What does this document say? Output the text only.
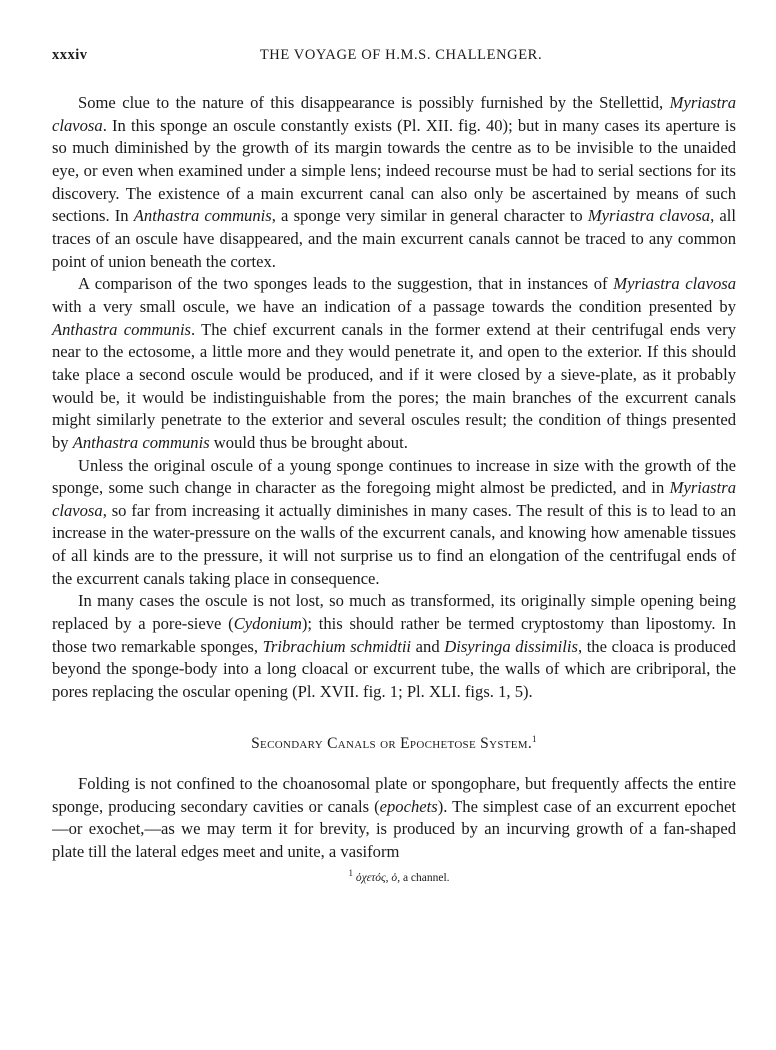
xxxiv	THE VOYAGE OF H.M.S. CHALLENGER.

Some clue to the nature of this disappearance is possibly furnished by the Stellettid, Myriastra clavosa. In this sponge an oscule constantly exists (Pl. XII. fig. 40); but in many cases its aperture is so much diminished by the growth of its margin towards the centre as to be invisible to the unaided eye, or even when examined under a simple lens; indeed recourse must be had to serial sections for its discovery. The existence of a main excurrent canal can also only be ascertained by means of such sections. In Anthastra communis, a sponge very similar in general character to Myriastra clavosa, all traces of an oscule have disappeared, and the main excurrent canals cannot be traced to any common point of union beneath the cortex.

A comparison of the two sponges leads to the suggestion, that in instances of Myriastra clavosa with a very small oscule, we have an indication of a passage towards the condition presented by Anthastra communis. The chief excurrent canals in the former extend at their centrifugal ends very near to the ectosome, a little more and they would penetrate it, and open to the exterior. If this should take place a second oscule would be produced, and if it were closed by a sieve-plate, as it probably would be, it would be indistinguishable from the pores; the main branches of the excurrent canals might similarly penetrate to the exterior and several oscules result; the condition of things presented by Anthastra communis would thus be brought about.

Unless the original oscule of a young sponge continues to increase in size with the growth of the sponge, some such change in character as the foregoing might almost be predicted, and in Myriastra clavosa, so far from increasing it actually diminishes in many cases. The result of this is to lead to an increase in the water-pressure on the walls of the excurrent canals, and knowing how amenable tissues of all kinds are to the pressure, it will not surprise us to find an elongation of the centrifugal ends of the excurrent canals taking place in consequence.

In many cases the oscule is not lost, so much as transformed, its originally simple opening being replaced by a pore-sieve (Cydonium); this should rather be termed cryptostomy than lipostomy. In those two remarkable sponges, Tribrachium schmidtii and Disyringa dissimilis, the cloaca is produced beyond the sponge-body into a long cloacal or excurrent tube, the walls of which are cribriporal, the pores replacing the oscular opening (Pl. XVII. fig. 1; Pl. XLI. figs. 1, 5).

Secondary Canals or Epochetose System.$^1$

Folding is not confined to the choanosomal plate or spongophare, but frequently affects the entire sponge, producing secondary cavities or canals (epochets). The simplest case of an excurrent epochet—or exochet,—as we may term it for brevity, is produced by an incurving growth of a fan-shaped plate till the lateral edges meet and unite, a vasiform

$^1$ ὀχετός, ὁ, a channel.
